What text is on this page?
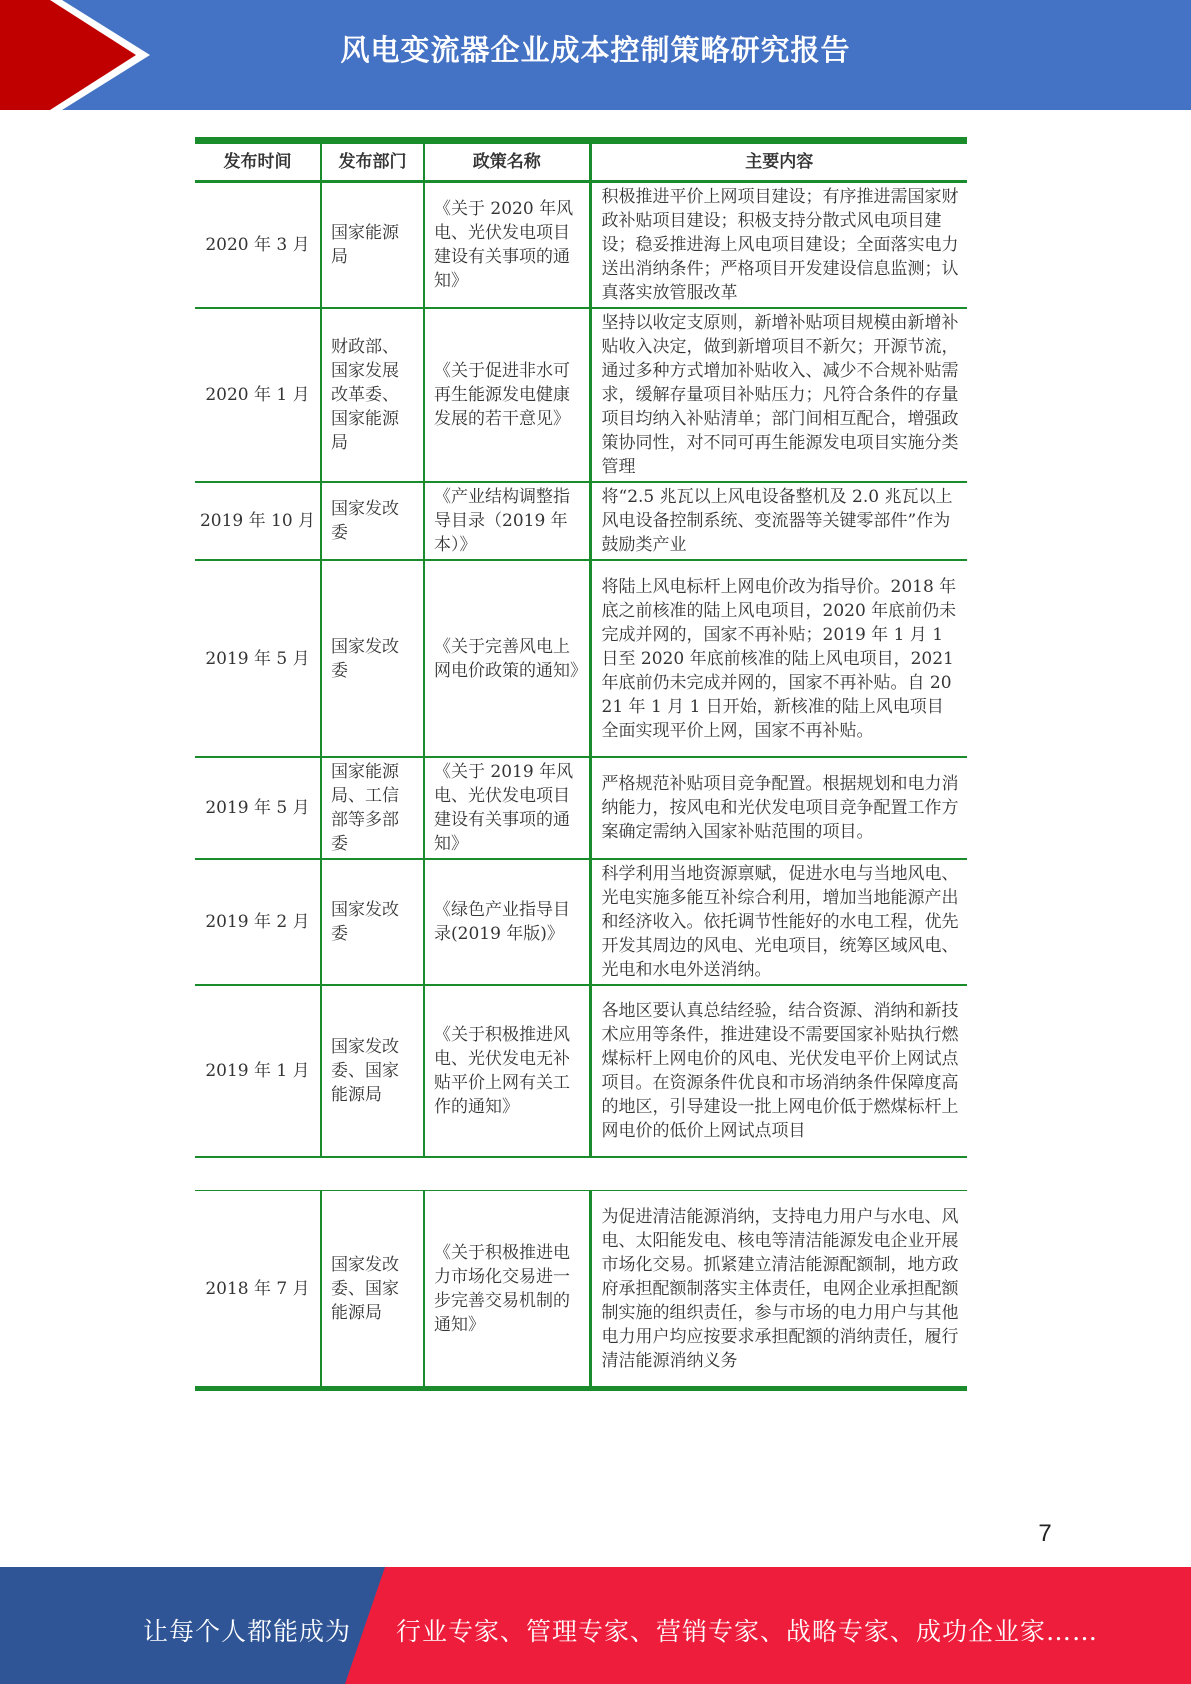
风电变流器企业成本控制策略研究报告
发布时间	发布部门	政策名称	主要内容
2020 年 3 月	国家能源局	《关于 2020 年风电、光伏发电项目建设有关事项的通知》	积极推进平价上网项目建设；有序推进需国家财政补贴项目建设；积极支持分散式风电项目建设；稳妥推进海上风电项目建设；全面落实电力送出消纳条件；严格项目开发建设信息监测；认真落实放管服改革
2020 年 1 月	财政部、国家发展改革委、国家能源局	《关于促进非水可再生能源发电健康发展的若干意见》	坚持以收定支原则，新增补贴项目规模由新增补贴收入决定，做到新增项目不新欠；开源节流，通过多种方式增加补贴收入、减少不合规补贴需求，缓解存量项目补贴压力；凡符合条件的存量项目均纳入补贴清单；部门间相互配合，增强政策协同性，对不同可再生能源发电项目实施分类管理
2019 年 10 月	国家发改委	《产业结构调整指导目录（2019 年本）》	将“2.5 兆瓦以上风电设备整机及 2.0 兆瓦以上风电设备控制系统、变流器等关键零部件”作为鼓励类产业
2019 年 5 月	国家发改委	《关于完善风电上网电价政策的通知》	将陆上风电标杆上网电价改为指导价。2018 年底之前核准的陆上风电项目，2020 年底前仍未完成并网的，国家不再补贴；2019 年 1 月 1 日至 2020 年底前核准的陆上风电项目，2021 年底前仍未完成并网的，国家不再补贴。自 2021 年 1 月 1 日开始，新核准的陆上风电项目全面实现平价上网，国家不再补贴。
2019 年 5 月	国家能源局、工信部等多部委	《关于 2019 年风电、光伏发电项目建设有关事项的通知》	严格规范补贴项目竞争配置。根据规划和电力消纳能力，按风电和光伏发电项目竞争配置工作方案确定需纳入国家补贴范围的项目。
2019 年 2 月	国家发改委	《绿色产业指导目录(2019 年版)》	科学利用当地资源禀赋，促进水电与当地风电、光电实施多能互补综合利用，增加当地能源产出和经济收入。依托调节性能好的水电工程，优先开发其周边的风电、光电项目，统筹区域风电、光电和水电外送消纳。
2019 年 1 月	国家发改委、国家能源局	《关于积极推进风电、光伏发电无补贴平价上网有关工作的通知》	各地区要认真总结经验，结合资源、消纳和新技术应用等条件，推进建设不需要国家补贴执行燃煤标杆上网电价的风电、光伏发电平价上网试点项目。在资源条件优良和市场消纳条件保障度高的地区，引导建设一批上网电价低于燃煤标杆上网电价的低价上网试点项目
2018 年 7 月	国家发改委、国家能源局	《关于积极推进电力市场化交易进一步完善交易机制的通知》	为促进清洁能源消纳，支持电力用户与水电、风电、太阳能发电、核电等清洁能源发电企业开展市场化交易。抓紧建立清洁能源配额制，地方政府承担配额制落实主体责任，电网企业承担配额制实施的组织责任，参与市场的电力用户与其他电力用户均应按要求承担配额的消纳责任，履行清洁能源消纳义务
7
让每个人都能成为 行业专家、管理专家、营销专家、战略专家、成功企业家……
